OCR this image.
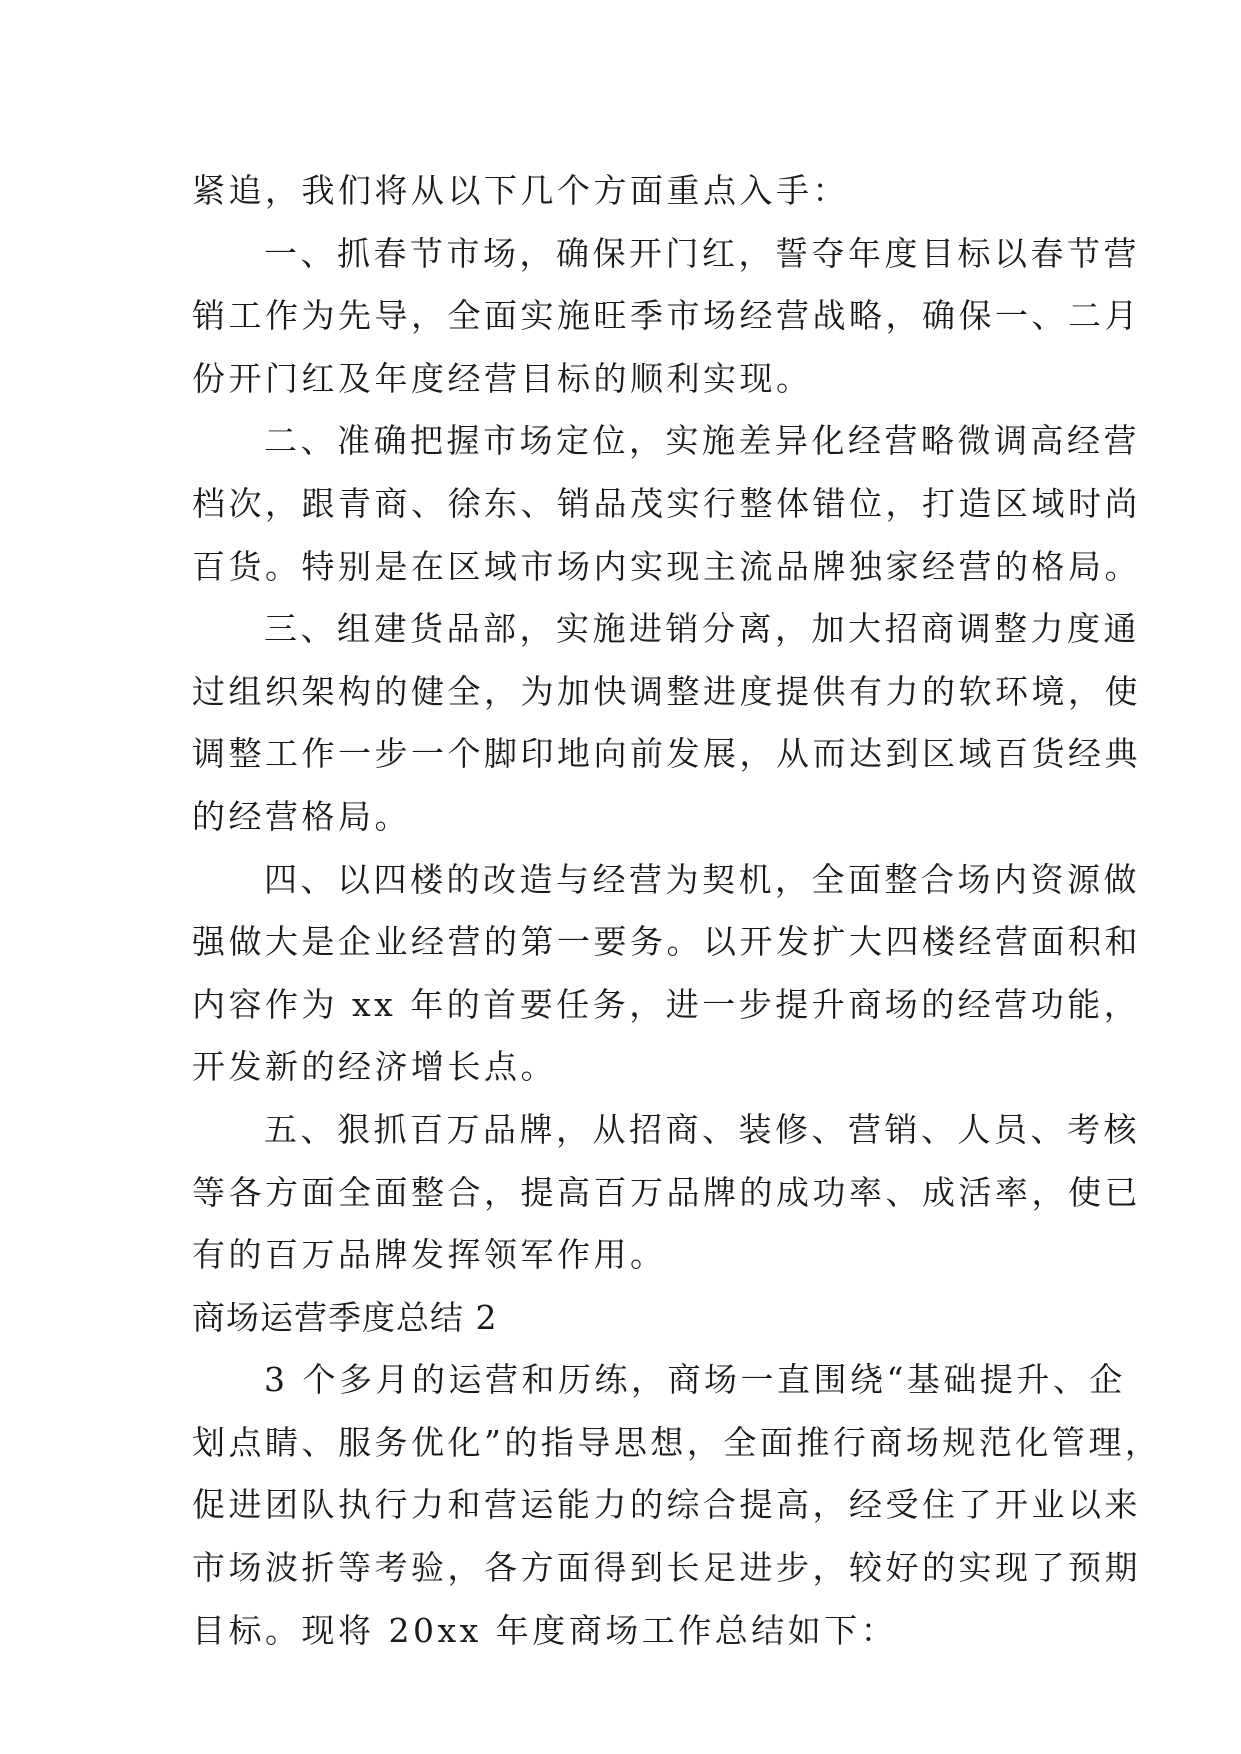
紧追，我们将从以下几个方面重点入手：
一、抓春节市场，确保开门红，誓夺年度目标以春节营
销工作为先导，全面实施旺季市场经营战略，确保一、二月
份开门红及年度经营目标的顺利实现。
二、准确把握市场定位，实施差异化经营略微调高经营
档次，跟青商、徐东、销品茂实行整体错位，打造区域时尚
百货。特别是在区域市场内实现主流品牌独家经营的格局。
三、组建货品部，实施进销分离，加大招商调整力度通
过组织架构的健全，为加快调整进度提供有力的软环境，使
调整工作一步一个脚印地向前发展，从而达到区域百货经典
的经营格局。
四、以四楼的改造与经营为契机，全面整合场内资源做
强做大是企业经营的第一要务。以开发扩大四楼经营面积和
内容作为 xx 年的首要任务，进一步提升商场的经营功能，
开发新的经济增长点。
五、狠抓百万品牌，从招商、装修、营销、人员、考核
等各方面全面整合，提高百万品牌的成功率、成活率，使已
有的百万品牌发挥领军作用。
商场运营季度总结 2
3 个多月的运营和历练，商场一直围绕“基础提升、企
划点睛、服务优化”的指导思想，全面推行商场规范化管理，
促进团队执行力和营运能力的综合提高，经受住了开业以来
市场波折等考验，各方面得到长足进步，较好的实现了预期
目标。现将 20xx 年度商场工作总结如下：
